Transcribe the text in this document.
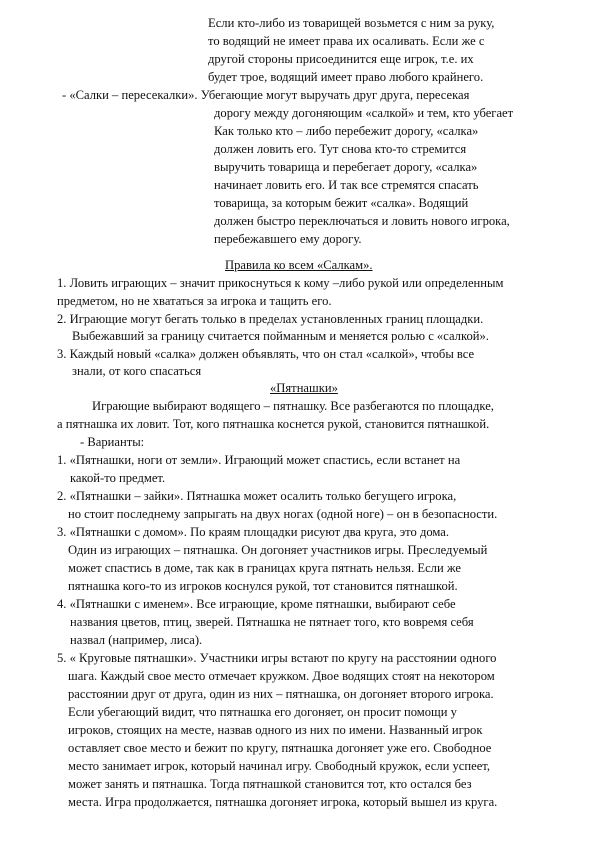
Если кто-либо из товарищей возьмется с ним за руку,
то водящий не имеет права их осаливать. Если же с
другой стороны присоединится еще игрок, т.е. их
будет трое, водящий имеет право любого крайнего.
- «Салки – пересекалки». Убегающие могут выручать друг друга, пересекая
дорогу между догоняющим «салкой» и тем, кто убегает
Как только кто – либо перебежит дорогу, «салка»
должен ловить его. Тут снова кто-то стремится
выручить товарища и перебегает дорогу, «салка»
начинает ловить его. И так все стремятся спасать
товарища, за которым бежит «салка». Водящий
должен быстро переключаться и ловить нового игрока,
перебежавшего ему дорогу.
Правила ко всем «Салкам».
1. Ловить играющих – значит прикоснуться к кому –либо рукой или определенным
предметом, но не хвататься за игрока и тащить его.
2. Играющие могут бегать только в пределах установленных границ площадки.
Выбежавший за границу считается пойманным и меняется ролью с «салкой».
3. Каждый новый «салка» должен объявлять, что он стал «салкой», чтобы все
знали, от кого спасаться
«Пятнашки»
Играющие выбирают водящего – пятнашку. Все разбегаются по площадке,
а пятнашка их ловит. Тот, кого пятнашка коснется рукой, становится пятнашкой.
- Варианты:
1. «Пятнашки, ноги от земли». Играющий может спастись, если встанет на
какой-то предмет.
2. «Пятнашки – зайки». Пятнашка может осалить только бегущего игрока,
но стоит последнему запрыгать на двух ногах (одной ноге) – он в безопасности.
3. «Пятнашки с домом». По краям площадки рисуют два круга, это дома.
Один из играющих – пятнашка. Он догоняет участников игры. Преследуемый
может спастись в доме, так как в границах круга пятнать нельзя. Если же
пятнашка кого-то из игроков коснулся рукой, тот становится пятнашкой.
4. «Пятнашки с именем». Все играющие, кроме пятнашки, выбирают себе
названия цветов, птиц, зверей. Пятнашка не пятнает того, кто вовремя себя
назвал (например, лиса).
5. « Круговые пятнашки». Участники игры встают по кругу на расстоянии одного
шага. Каждый свое место отмечает кружком. Двое водящих стоят на некотором
расстоянии друг от друга, один из них – пятнашка, он догоняет второго игрока.
Если убегающий видит, что пятнашка его догоняет, он просит помощи у
игроков, стоящих на месте, назвав одного из них по имени. Названный игрок
оставляет свое место и бежит по кругу, пятнашка догоняет уже его. Свободное
место занимает игрок, который начинал игру. Свободный кружок, если успеет,
может занять и пятнашка. Тогда пятнашкой становится тот, кто остался без
места. Игра продолжается, пятнашка догоняет игрока, который вышел из круга.
